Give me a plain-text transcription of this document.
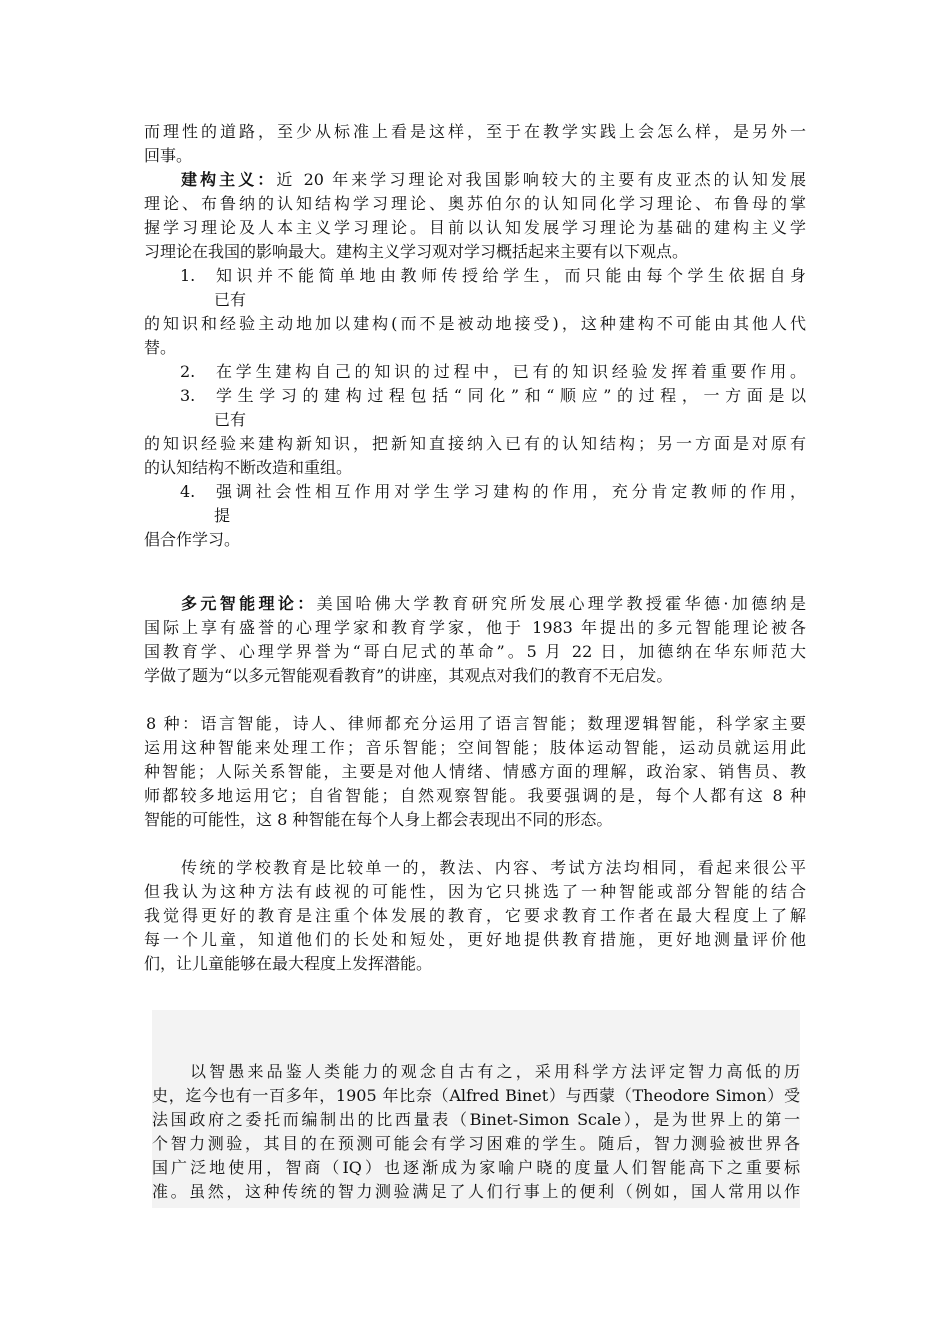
而理性的道路，至少从标准上看是这样，至于在教学实践上会怎么样，是另外一
回事。
建构主义：近 20 年来学习理论对我国影响较大的主要有皮亚杰的认知发展
理论、布鲁纳的认知结构学习理论、奥苏伯尔的认知同化学习理论、布鲁母的掌
握学习理论及人本主义学习理论。目前以认知发展学习理论为基础的建构主义学
习理论在我国的影响最大。建构主义学习观对学习概括起来主要有以下观点。
1.	知识并不能简单地由教师传授给学生，而只能由每个学生依据自身
已有
的知识和经验主动地加以建构(而不是被动地接受)，这种建构不可能由其他人代
替。
2.	在学生建构自己的知识的过程中，已有的知识经验发挥着重要作用。
3.	学生学习的建构过程包括“同化”和“顺应”的过程，一方面是以
已有
的知识经验来建构新知识，把新知直接纳入已有的认知结构；另一方面是对原有
的认知结构不断改造和重组。
4.	强调社会性相互作用对学生学习建构的作用，充分肯定教师的作用，
提
倡合作学习。
多元智能理论：美国哈佛大学教育研究所发展心理学教授霍华德·加德纳是
国际上享有盛誉的心理学家和教育学家，他于 1983 年提出的多元智能理论被各
国教育学、心理学界誉为“哥白尼式的革命”。5 月 22 日，加德纳在华东师范大
学做了题为“以多元智能观看教育”的讲座，其观点对我们的教育不无启发。
8 种：语言智能，诗人、律师都充分运用了语言智能；数理逻辑智能，科学家主要
运用这种智能来处理工作；音乐智能；空间智能；肢体运动智能，运动员就运用此
种智能；人际关系智能，主要是对他人情绪、情感方面的理解，政治家、销售员、教
师都较多地运用它；自省智能；自然观察智能。我要强调的是，每个人都有这 8 种
智能的可能性，这 8 种智能在每个人身上都会表现出不同的形态。
传统的学校教育是比较单一的，教法、内容、考试方法均相同，看起来很公平
但我认为这种方法有歧视的可能性，因为它只挑选了一种智能或部分智能的结合
我觉得更好的教育是注重个体发展的教育，它要求教育工作者在最大程度上了解
每一个儿童，知道他们的长处和短处，更好地提供教育措施，更好地测量评价他
们，让儿童能够在最大程度上发挥潜能。
以智愚来品鉴人类能力的观念自古有之，采用科学方法评定智力高低的历
史，迄今也有一百多年，1905 年比奈（Alfred Binet）与西蒙（Theodore Simon）受
法国政府之委托而编制出的比西量表（Binet-Simon Scale），是为世界上的第一
个智力测验，其目的在预测可能会有学习困难的学生。随后，智力测验被世界各
国广泛地使用，智商（IQ）也逐渐成为家喻户晓的度量人们智能高下之重要标
准。虽然，这种传统的智力测验满足了人们行事上的便利（例如，国人常用以作
